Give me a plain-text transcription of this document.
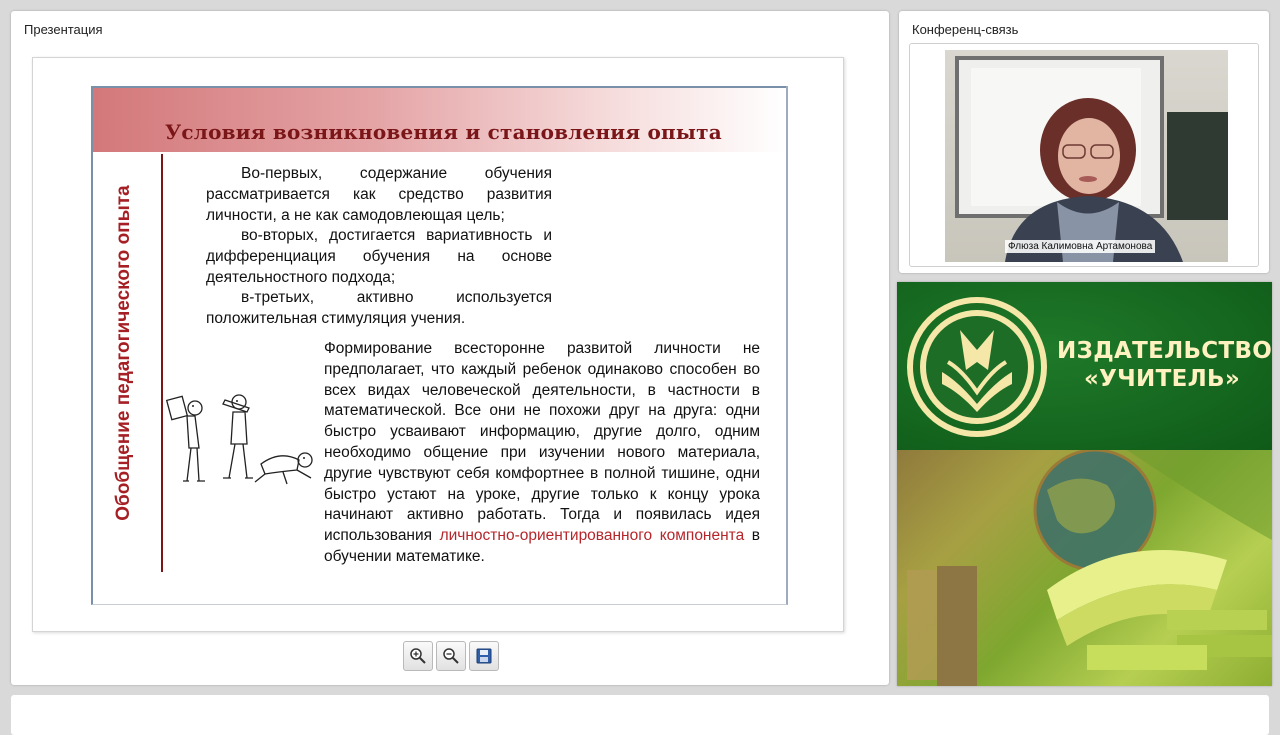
Презентация
Условия возникновения и становления опыта
Обобщение педагогического опыта
Во-первых, содержание обучения рассматривается как средство развития личности, а не как самодовлеющая цель;
во-вторых, достигается вариативность и дифференциация обучения на основе деятельностного подхода;
в-третьих, активно используется положительная стимуляция учения.
Формирование всесторонне развитой личности не предполагает, что каждый ребенок одинаково способен во всех видах человеческой деятельности, в частности в математической. Все они не похожи друг на друга: одни быстро усваивают информацию, другие долго, одним необходимо общение при изучении нового материала, другие чувствуют себя комфортнее в полной тишине, одни быстро устают на уроке, другие только к концу урока начинают активно работать. Тогда и появилась идея использования личностно-ориентированного компонента в обучении математике.
Конференц-связь
Флюза Калимовна Артамонова
ИЗДАТЕЛЬСТВО
«УЧИТЕЛЬ»
